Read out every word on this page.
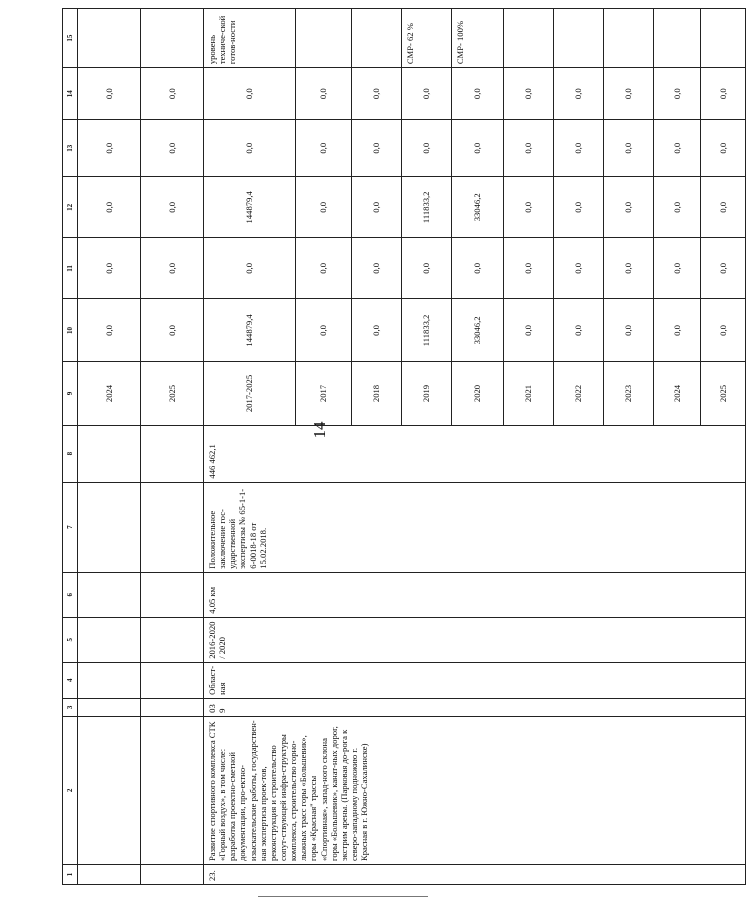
14
1	2	3	4	5	6	7	8	9	10	11	12	13	14	15
								2024	0,0	0,0	0,0	0,0	0,0	
								2025	0,0	0,0	0,0	0,0	0,0	
23.	Развитие спортивного комплекса СТК «Горный воздух», в том числе: разработка проектно-сметной документации, про-ектно-изыскательские работы, государствен-ная экспертиза проек-тов, реконструкция и строительство сопут-ствующей инфра-структуры комплекса, строительство горно-лыжных трасс горы «Большевик», горы «Красная" трассы «Спортивная», запад-ного склона горы «Большевик», канат-ных дорог, экстрим арены. (Парковая до-рога к северо-западному подножию г. Красная в г. Южно-Сахалинске)	039	Област-ная	2016-2020 / 2020	4,05 км	Положительное заключение гос-ударственной экспертизы № 65-1-1-6-0018-18 от 15.02.2018.	446 462,1	2017-2025	144879,4	0,0	144879,4	0,0	0,0	уровень техниче-ской готов-ности
								2017	0,0	0,0	0,0	0,0	0,0	
								2018	0,0	0,0	0,0	0,0	0,0	
								2019	111833,2	0,0	111833,2	0,0	0,0	СМР- 62 %
								2020	33046,2	0,0	33046,2	0,0	0,0	СМР- 100%
								2021	0,0	0,0	0,0	0,0	0,0	
								2022	0,0	0,0	0,0	0,0	0,0	
								2023	0,0	0,0	0,0	0,0	0,0	
								2024	0,0	0,0	0,0	0,0	0,0	
								2025	0,0	0,0	0,0	0,0	0,0	
